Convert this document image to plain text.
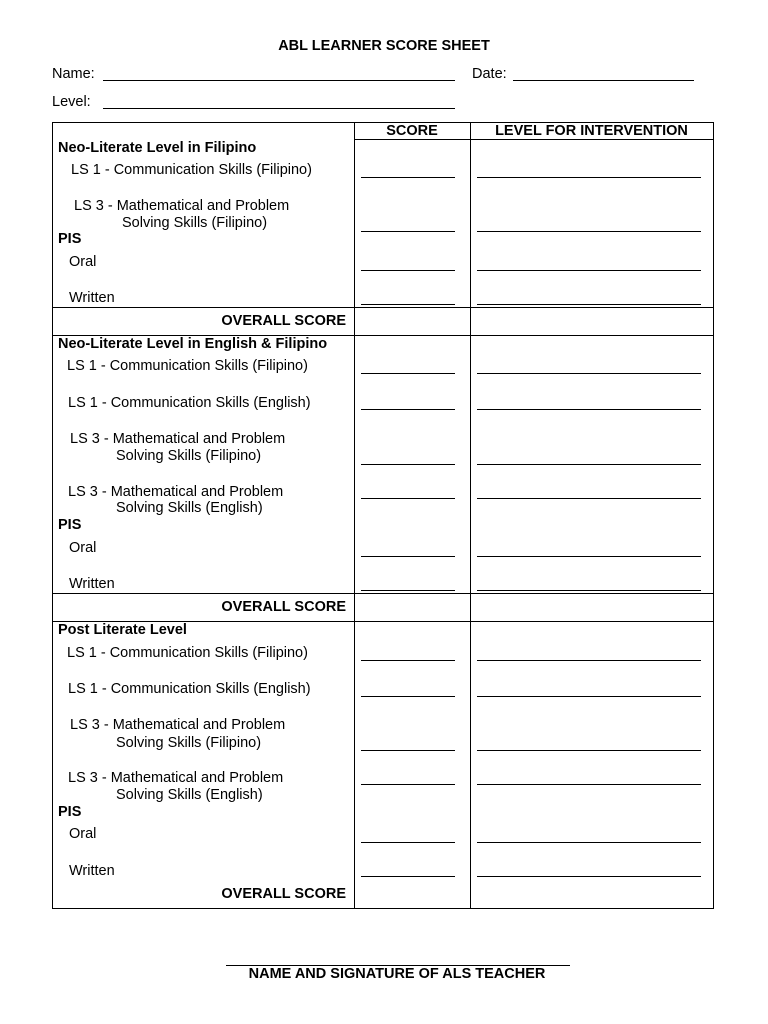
ABL LEARNER SCORE SHEET
Name:	Date:
Level:
SCORE	LEVEL FOR INTERVENTION
Neo-Literate Level in Filipino
LS 1 - Communication Skills (Filipino)
LS 3 - Mathematical and Problem
Solving Skills (Filipino)
PIS
Oral
Written
OVERALL SCORE
Neo-Literate Level in English & Filipino
LS 1 - Communication Skills (Filipino)
LS 1 - Communication Skills (English)
LS 3 - Mathematical and Problem
Solving Skills (Filipino)
LS 3 - Mathematical and Problem
Solving Skills (English)
PIS
Oral
Written
OVERALL SCORE
Post Literate Level
LS 1 - Communication Skills (Filipino)
LS 1 - Communication Skills (English)
LS 3 - Mathematical and Problem
Solving Skills (Filipino)
LS 3 - Mathematical and Problem
Solving Skills (English)
PIS
Oral
Written
OVERALL SCORE
NAME AND SIGNATURE OF ALS TEACHER
